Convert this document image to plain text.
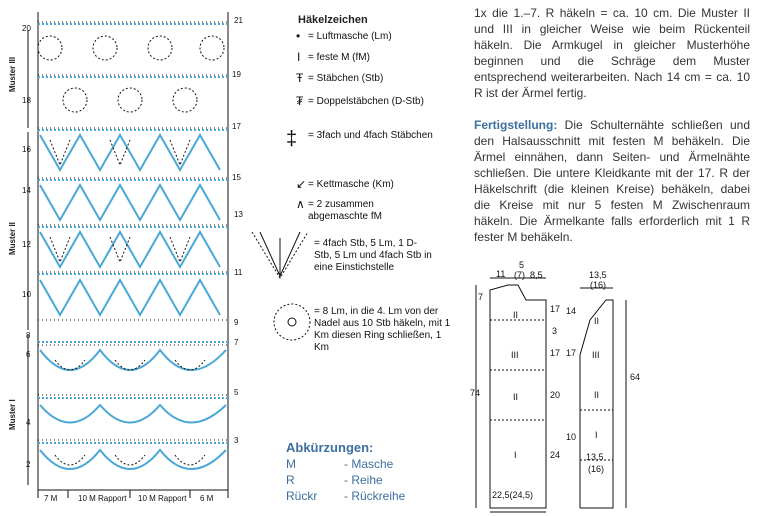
20
18
16
14
12
10
8
6
4
2
21
19
17
15
13
11
9
7
5
3
Muster III
Muster II
Muster I
7 M	10 M Rapport 10 M Rapport 6 M
Häkelzeichen
• = Luftmasche (Lm)
I = feste M (fM)
Ŧ = Stäbchen (Stb)
₮ = Doppelstäbchen (D-Stb)
‡ = 3fach und 4fach Stäbchen
↙ = Kettmasche (Km)
∧ = 2 zusammen abgemaschte fM
= 4fach Stb, 5 Lm, 1 D-Stb, 5 Lm und 4fach Stb in eine Einstichstelle
= 8 Lm, in die 4. Lm von der Nadel aus 10 Stb häkeln, mit 1 Km diesen Ring schließen, 1 Km
Abkürzungen:
M	- Masche
R	- Reihe
Rückr - Rückreihe
1x die 1.–7. R häkeln = ca. 10 cm. Die Muster II und III in gleicher Weise wie beim Rückenteil häkeln. Die Armkugel in gleicher Musterhöhe beginnen und die Schräge dem Muster entsprechend weiterarbeiten. Nach 14 cm = ca. 10 R ist der Ärmel fertig.
Fertigstellung: Die Schulternähte schließen und den Halsausschnitt mit festen M behäkeln. Die Ärmel einnähen, dann Seiten- und Ärmelnähte schließen. Die untere Kleidkante mit der 17. R der Häkelschrift (die kleinen Kreise) behäkeln, dabei die Kreise mit nur 5 festen M Zwischenraum häkeln. Die Ärmelkante falls erforderlich mit 1 R fester M behäkeln.
11
5
(7) 8,5	13,5
(16)
7
74
17
3
17
20
24
14
17
10
64
II
III
II
I
II
II
III
I
22,5(24,5)
13,5
(16)
